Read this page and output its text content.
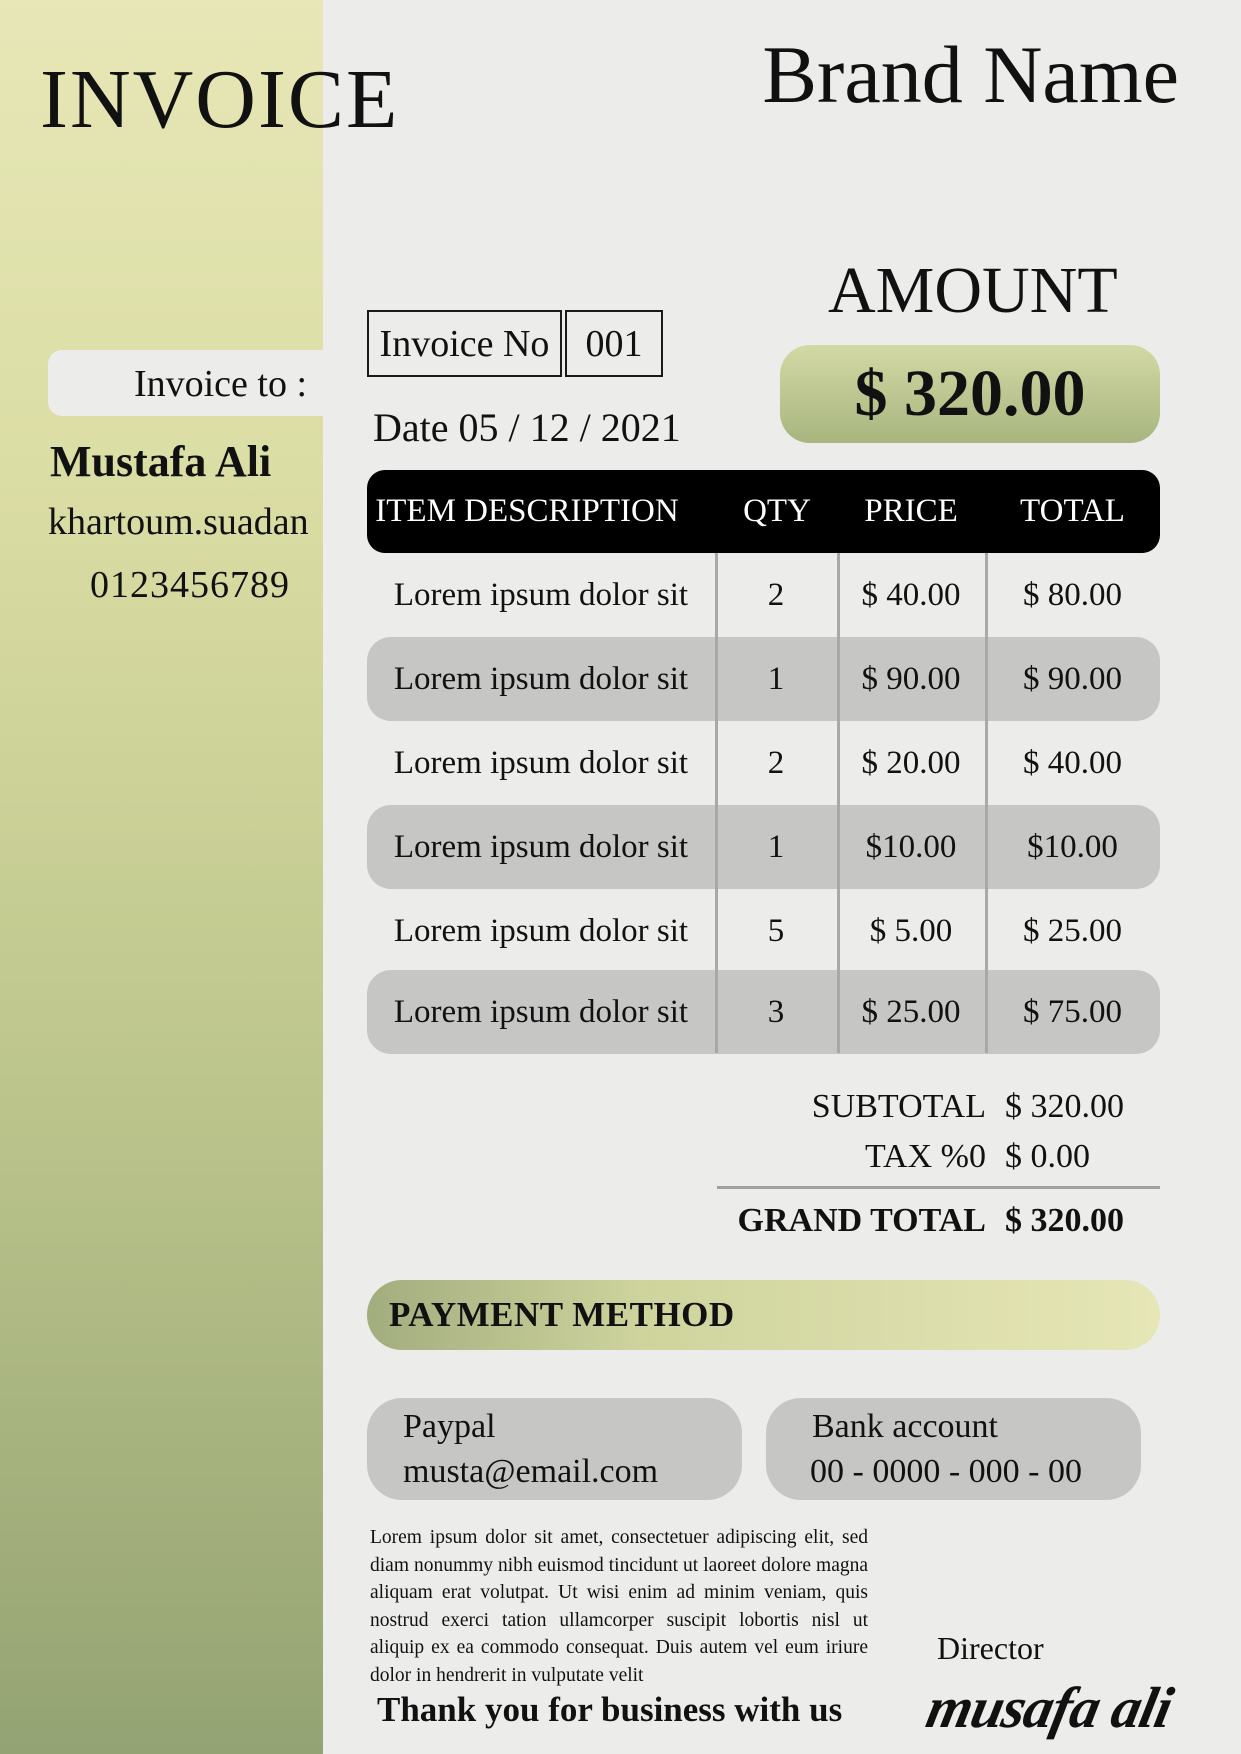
INVOICE	Brand Name
Invoice to :
Mustafa Ali
khartoum.suadan
0123456789
Invoice No 001
Date 05 / 12 / 2021
AMOUNT
$ 320.00
ITEM DESCRIPTION	QTY	PRICE	TOTAL
Lorem ipsum dolor sit	2	$ 40.00	$ 80.00
Lorem ipsum dolor sit	1	$ 90.00	$ 90.00
Lorem ipsum dolor sit	2	$ 20.00	$ 40.00
Lorem ipsum dolor sit	1	$10.00	$10.00
Lorem ipsum dolor sit	5	$ 5.00	$ 25.00
Lorem ipsum dolor sit	3	$ 25.00	$ 75.00
SUBTOTAL $ 320.00
TAX %0 $ 0.00
GRAND TOTAL $ 320.00
PAYMENT METHOD
Paypal
musta@email.com
Bank account
00 - 0000 - 000 - 00
Lorem ipsum dolor sit amet, consectetuer adipiscing elit, sed diam nonummy nibh euismod tincidunt ut laoreet dolore magna aliquam erat volutpat. Ut wisi enim ad minim veniam, quis nostrud exerci tation ullamcorper suscipit lobortis nisl ut aliquip ex ea commodo consequat. Duis autem vel eum iriure dolor in hendrerit in vulputate velit
Thank you for business with us
Director
musafa ali
